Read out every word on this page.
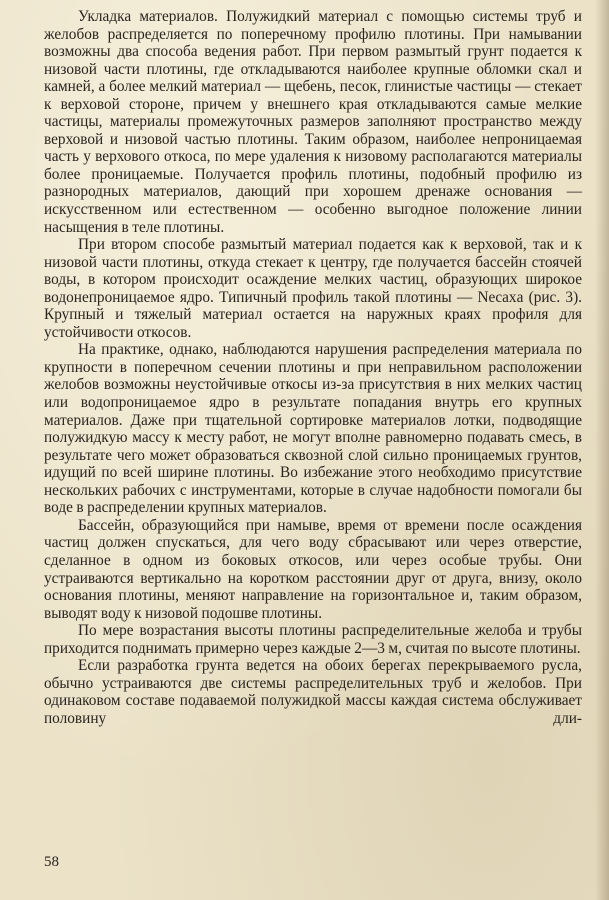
Укладка материалов. Полужидкий материал с помощью системы труб и желобов распределяется по поперечному профилю плотины. При намывании возможны два способа ведения работ. При первом размытый грунт подается к низовой части плотины, где откладываются наиболее крупные обломки скал и камней, а более мелкий материал — щебень, песок, глинистые частицы — стекает к верховой стороне, причем у внешнего края откладываются самые мелкие частицы, материалы промежуточных размеров заполняют пространство между верховой и низовой частью плотины. Таким образом, наиболее непроницаемая часть у верхового откоса, по мере удаления к низовому располагаются материалы более проницаемые. Получается профиль плотины, подобный профилю из разнородных материалов, дающий при хорошем дренаже основания — искусственном или естественном — особенно выгодное положение линии насыщения в теле плотины.

При втором способе размытый материал подается как к верховой, так и к низовой части плотины, откуда стекает к центру, где получается бассейн стоячей воды, в котором происходит осаждение мелких частиц, образующих широкое водонепроницаемое ядро. Типичный профиль такой плотины — Necaxa (рис. 3). Крупный и тяжелый материал остается на наружных краях профиля для устойчивости откосов.

На практике, однако, наблюдаются нарушения распределения материала по крупности в поперечном сечении плотины и при неправильном расположении желобов возможны неустойчивые откосы из-за присутствия в них мелких частиц или водопроницаемое ядро в результате попадания внутрь его крупных материалов. Даже при тщательной сортировке материалов лотки, подводящие полужидкую массу к месту работ, не могут вполне равномерно подавать смесь, в результате чего может образоваться сквозной слой сильно проницаемых грунтов, идущий по всей ширине плотины. Во избежание этого необходимо присутствие нескольких рабочих с инструментами, которые в случае надобности помогали бы воде в распределении крупных материалов.

Бассейн, образующийся при намыве, время от времени после осаждения частиц должен спускаться, для чего воду сбрасывают или через отверстие, сделанное в одном из боковых откосов, или через особые трубы. Они устраиваются вертикально на коротком расстоянии друг от друга, внизу, около основания плотины, меняют направление на горизонтальное и, таким образом, выводят воду к низовой подошве плотины.

По мере возрастания высоты плотины распределительные желоба и трубы приходится поднимать примерно через каждые 2—3 м, считая по высоте плотины.

Если разработка грунта ведется на обоих берегах перекрываемого русла, обычно устраиваются две системы распределительных труб и желобов. При одинаковом составе подаваемой полужидкой массы каждая система обслуживает половину дли-

58
